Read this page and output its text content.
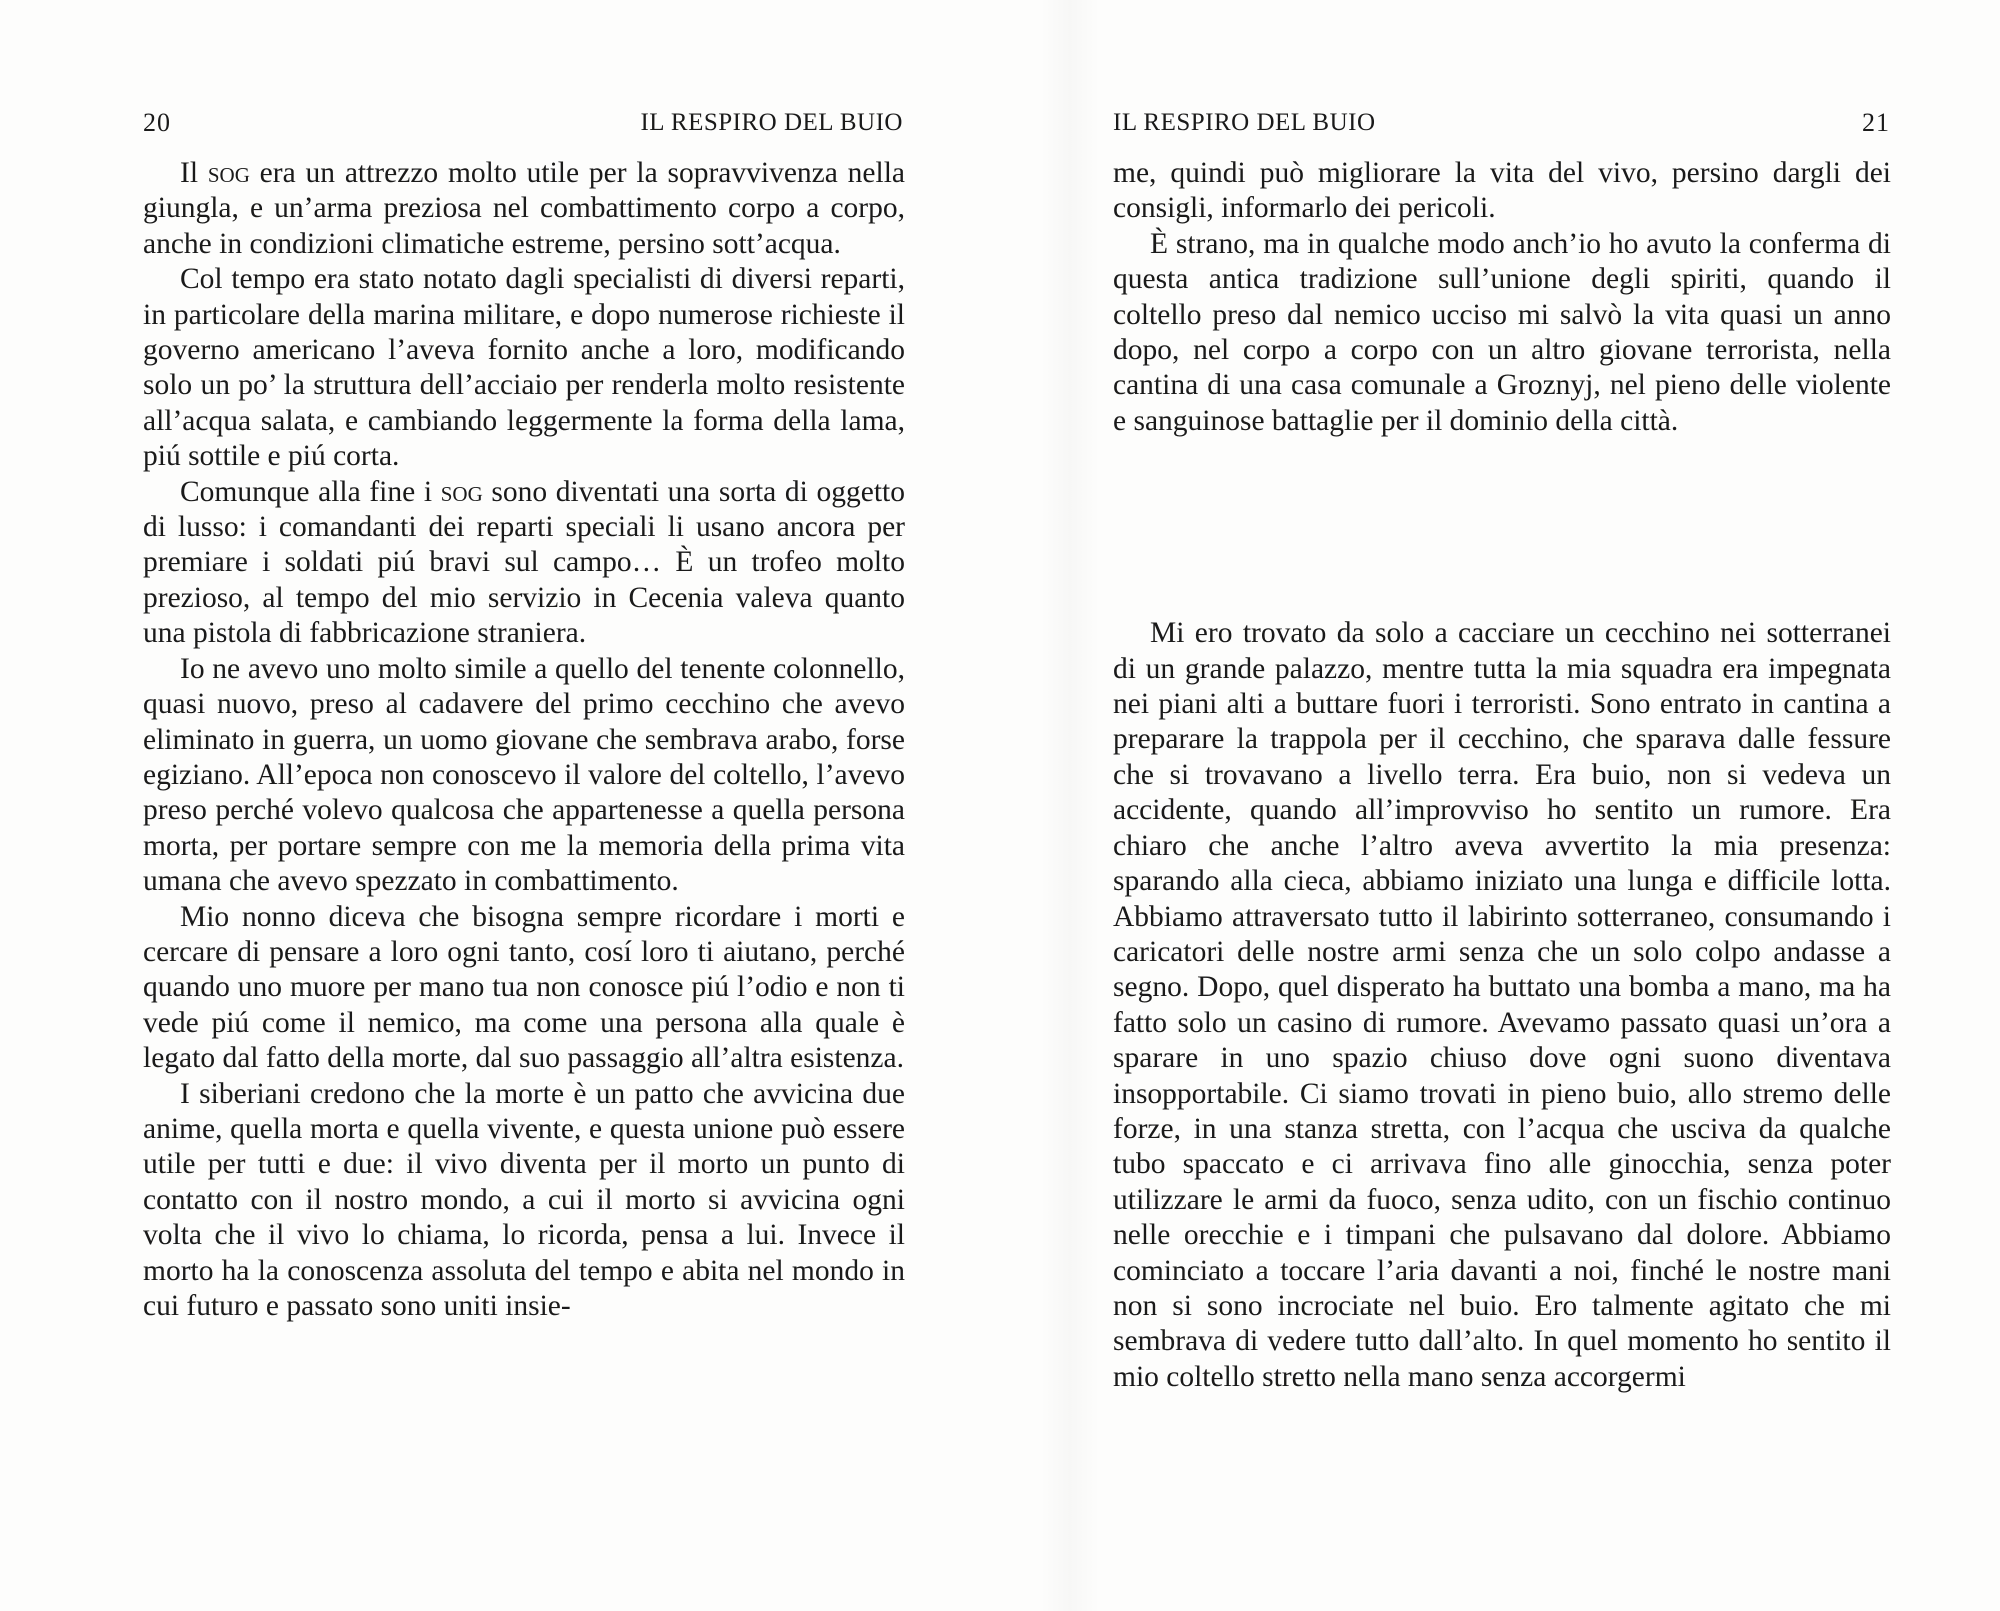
20	IL RESPIRO DEL BUIO

Il sog era un attrezzo molto utile per la sopravvivenza nella giungla, e un’arma preziosa nel combattimento corpo a corpo, anche in condizioni climatiche estreme, persino sott’acqua.

Col tempo era stato notato dagli specialisti di diversi reparti, in particolare della marina militare, e dopo numerose richieste il governo americano l’aveva fornito anche a loro, modificando solo un po’ la struttura dell’acciaio per renderla molto resistente all’acqua salata, e cambiando leggermente la forma della lama, piú sottile e piú corta.

Comunque alla fine i sog sono diventati una sorta di oggetto di lusso: i comandanti dei reparti speciali li usano ancora per premiare i soldati piú bravi sul campo… È un trofeo molto prezioso, al tempo del mio servizio in Cecenia valeva quanto una pistola di fabbricazione straniera.

Io ne avevo uno molto simile a quello del tenente colonnello, quasi nuovo, preso al cadavere del primo cecchino che avevo eliminato in guerra, un uomo giovane che sembrava arabo, forse egiziano. All’epoca non conoscevo il valore del coltello, l’avevo preso perché volevo qualcosa che appartenesse a quella persona morta, per portare sempre con me la memoria della prima vita umana che avevo spezzato in combattimento.

Mio nonno diceva che bisogna sempre ricordare i morti e cercare di pensare a loro ogni tanto, cosí loro ti aiutano, perché quando uno muore per mano tua non conosce piú l’odio e non ti vede piú come il nemico, ma come una persona alla quale è legato dal fatto della morte, dal suo passaggio all’altra esistenza.

I siberiani credono che la morte è un patto che avvicina due anime, quella morta e quella vivente, e questa unione può essere utile per tutti e due: il vivo diventa per il morto un punto di contatto con il nostro mondo, a cui il morto si avvicina ogni volta che il vivo lo chiama, lo ricorda, pensa a lui. Invece il morto ha la conoscenza assoluta del tempo e abita nel mondo in cui futuro e passato sono uniti insie-

IL RESPIRO DEL BUIO	21

me, quindi può migliorare la vita del vivo, persino dargli dei consigli, informarlo dei pericoli.

È strano, ma in qualche modo anch’io ho avuto la conferma di questa antica tradizione sull’unione degli spiriti, quando il coltello preso dal nemico ucciso mi salvò la vita quasi un anno dopo, nel corpo a corpo con un altro giovane terrorista, nella cantina di una casa comunale a Groznyj, nel pieno delle violente e sanguinose battaglie per il dominio della città.

Mi ero trovato da solo a cacciare un cecchino nei sotterranei di un grande palazzo, mentre tutta la mia squadra era impegnata nei piani alti a buttare fuori i terroristi. Sono entrato in cantina a preparare la trappola per il cecchino, che sparava dalle fessure che si trovavano a livello terra. Era buio, non si vedeva un accidente, quando all’improvviso ho sentito un rumore. Era chiaro che anche l’altro aveva avvertito la mia presenza: sparando alla cieca, abbiamo iniziato una lunga e difficile lotta. Abbiamo attraversato tutto il labirinto sotterraneo, consumando i caricatori delle nostre armi senza che un solo colpo andasse a segno. Dopo, quel disperato ha buttato una bomba a mano, ma ha fatto solo un casino di rumore. Avevamo passato quasi un’ora a sparare in uno spazio chiuso dove ogni suono diventava insopportabile. Ci siamo trovati in pieno buio, allo stremo delle forze, in una stanza stretta, con l’acqua che usciva da qualche tubo spaccato e ci arrivava fino alle ginocchia, senza poter utilizzare le armi da fuoco, senza udito, con un fischio continuo nelle orecchie e i timpani che pulsavano dal dolore. Abbiamo cominciato a toccare l’aria davanti a noi, finché le nostre mani non si sono incrociate nel buio. Ero talmente agitato che mi sembrava di vedere tutto dall’alto. In quel momento ho sentito il mio coltello stretto nella mano senza accorgermi
